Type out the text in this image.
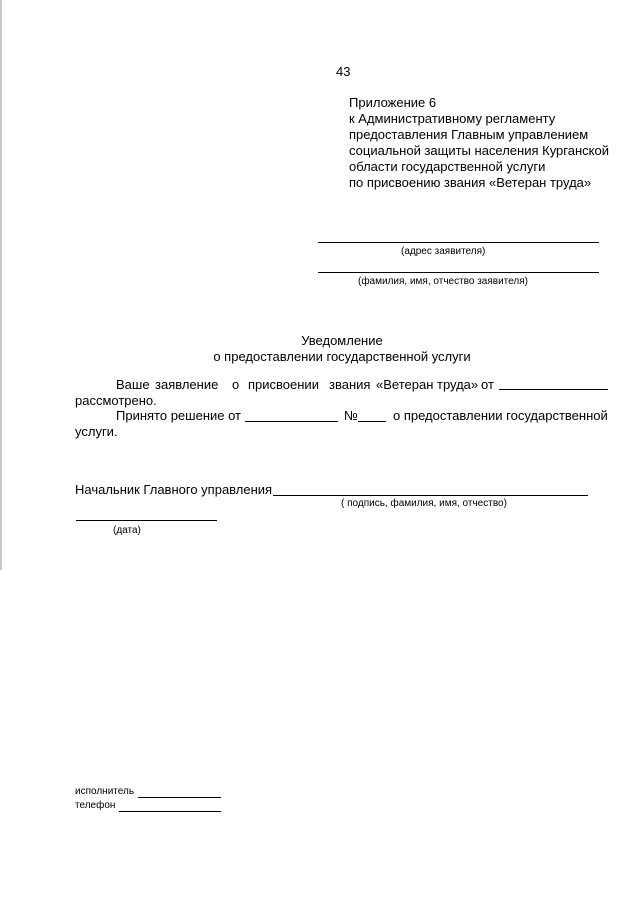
43
Приложение 6
к Административному регламенту
предоставления Главным управлением
социальной защиты населения Курганской
области государственной услуги
по присвоению звания «Ветеран труда»
(адрес заявителя)
(фамилия, имя, отчество заявителя)
Уведомление
о предоставлении государственной услуги
Ваше заявление о присвоении звания «Ветеран труда» от
рассмотрено.
Принято решение от	№	о предоставлении государственной
услуги.
Начальник Главного управления
( подпись, фамилия, имя, отчество)
(дата)
исполнитель
телефон
